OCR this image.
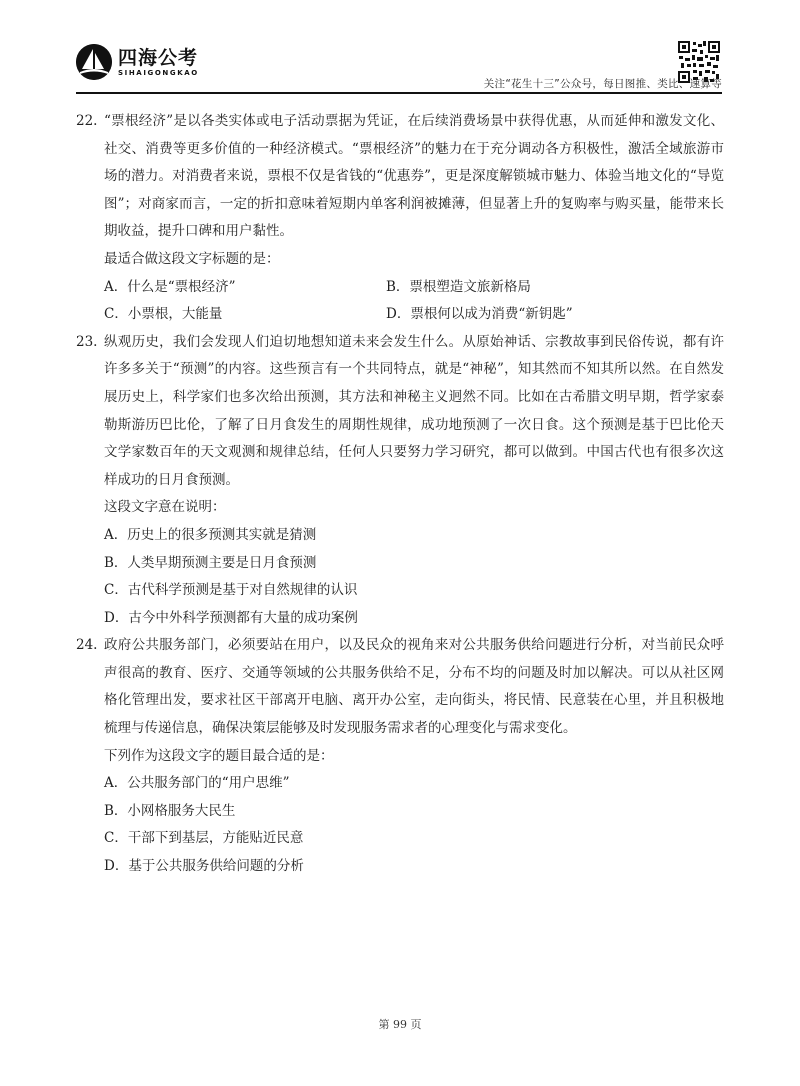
四海公考
SIHAIGONGKAO
关注“花生十三”公众号，每日图推、类比、速算等
22. “票根经济”是以各类实体或电子活动票据为凭证，在后续消费场景中获得优惠，从而延伸和激发文化、社交、消费等更多价值的一种经济模式。“票根经济”的魅力在于充分调动各方积极性，激活全域旅游市场的潜力。对消费者来说，票根不仅是省钱的“优惠券”，更是深度解锁城市魅力、体验当地文化的“导览图”；对商家而言，一定的折扣意味着短期内单客利润被摊薄，但显著上升的复购率与购买量，能带来长期收益，提升口碑和用户黏性。
最适合做这段文字标题的是：
A．什么是“票根经济”	B．票根塑造文旅新格局
C．小票根，大能量	D．票根何以成为消费“新钥匙”
23. 纵观历史，我们会发现人们迫切地想知道未来会发生什么。从原始神话、宗教故事到民俗传说，都有许许多多关于“预测”的内容。这些预言有一个共同特点，就是“神秘”，知其然而不知其所以然。在自然发展历史上，科学家们也多次给出预测，其方法和神秘主义迥然不同。比如在古希腊文明早期，哲学家泰勒斯游历巴比伦，了解了日月食发生的周期性规律，成功地预测了一次日食。这个预测是基于巴比伦天文学家数百年的天文观测和规律总结，任何人只要努力学习研究，都可以做到。中国古代也有很多次这样成功的日月食预测。
这段文字意在说明：
A．历史上的很多预测其实就是猜测
B．人类早期预测主要是日月食预测
C．古代科学预测是基于对自然规律的认识
D．古今中外科学预测都有大量的成功案例
24. 政府公共服务部门，必须要站在用户，以及民众的视角来对公共服务供给问题进行分析，对当前民众呼声很高的教育、医疗、交通等领域的公共服务供给不足，分布不均的问题及时加以解决。可以从社区网格化管理出发，要求社区干部离开电脑、离开办公室，走向街头，将民情、民意装在心里，并且积极地梳理与传递信息，确保决策层能够及时发现服务需求者的心理变化与需求变化。
下列作为这段文字的题目最合适的是：
A．公共服务部门的“用户思维”
B．小网格服务大民生
C．干部下到基层，方能贴近民意
D．基于公共服务供给问题的分析
第 99 页
